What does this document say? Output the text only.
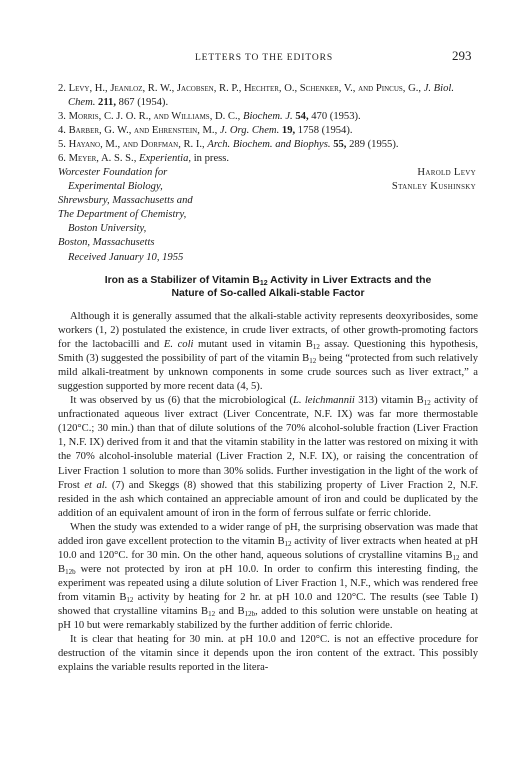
LETTERS TO THE EDITORS	293

2. Levy, H., Jeanloz, R. W., Jacobsen, R. P., Hechter, O., Schenker, V., and Pincus, G., J. Biol. Chem. 211, 867 (1954).

3. Morris, C. J. O. R., and Williams, D. C., Biochem. J. 54, 470 (1953).

4. Barber, G. W., and Ehrenstein, M., J. Org. Chem. 19, 1758 (1954).

5. Hayano, M., and Dorfman, R. I., Arch. Biochem. and Biophys. 55, 289 (1955).

6. Meyer, A. S. S., Experientia, in press.

Worcester Foundation for	Harold Levy
Experimental Biology,	Stanley Kushinsky
Shrewsbury, Massachusetts and
The Department of Chemistry,
Boston University,
Boston, Massachusetts
Received January 10, 1955
Iron as a Stabilizer of Vitamin $B_{12}$ Activity in Liver Extracts and the
Nature of So-called Alkali-stable Factor

Although it is generally assumed that the alkali-stable activity represents deoxyribosides, some workers (1, 2) postulated the existence, in crude liver extracts, of other growth-promoting factors for the lactobacilli and E. coli mutant used in vitamin $B_{12}$ assay. Questioning this hypothesis, Smith (3) suggested the possibility of part of the vitamin $B_{12}$ being “protected from such relatively mild alkali-treatment by unknown components in some crude sources such as liver extract,” a suggestion supported by more recent data (4, 5).

It was observed by us (6) that the microbiological (L. leichmannii 313) vitamin $B_{12}$ activity of unfractionated aqueous liver extract (Liver Concentrate, N.F. IX) was far more thermostable (120°C.; 30 min.) than that of dilute solutions of the 70% alcohol-soluble fraction (Liver Fraction 1, N.F. IX) derived from it and that the vitamin stability in the latter was restored on mixing it with the 70% alcohol-insoluble material (Liver Fraction 2, N.F. IX), or raising the concentration of Liver Fraction 1 solution to more than 30% solids. Further investigation in the light of the work of Frost et al. (7) and Skeggs (8) showed that this stabilizing property of Liver Fraction 2, N.F. resided in the ash which contained an appreciable amount of iron and could be duplicated by the addition of an equivalent amount of iron in the form of ferrous sulfate or ferric chloride.

When the study was extended to a wider range of pH, the surprising observation was made that added iron gave excellent protection to the vitamin $B_{12}$ activity of liver extracts when heated at pH 10.0 and 120°C. for 30 min. On the other hand, aqueous solutions of crystalline vitamins $B_{12}$ and $B_{12b}$ were not protected by iron at pH 10.0. In order to confirm this interesting finding, the experiment was repeated using a dilute solution of Liver Fraction 1, N.F., which was rendered free from vitamin $B_{12}$ activity by heating for 2 hr. at pH 10.0 and 120°C. The results (see Table I) showed that crystalline vitamins $B_{12}$ and $B_{12b}$, added to this solution were unstable on heating at pH 10 but were remarkably stabilized by the further addition of ferric chloride.

It is clear that heating for 30 min. at pH 10.0 and 120°C. is not an effective procedure for destruction of the vitamin since it depends upon the iron content of the extract. This possibly explains the variable results reported in the litera-
